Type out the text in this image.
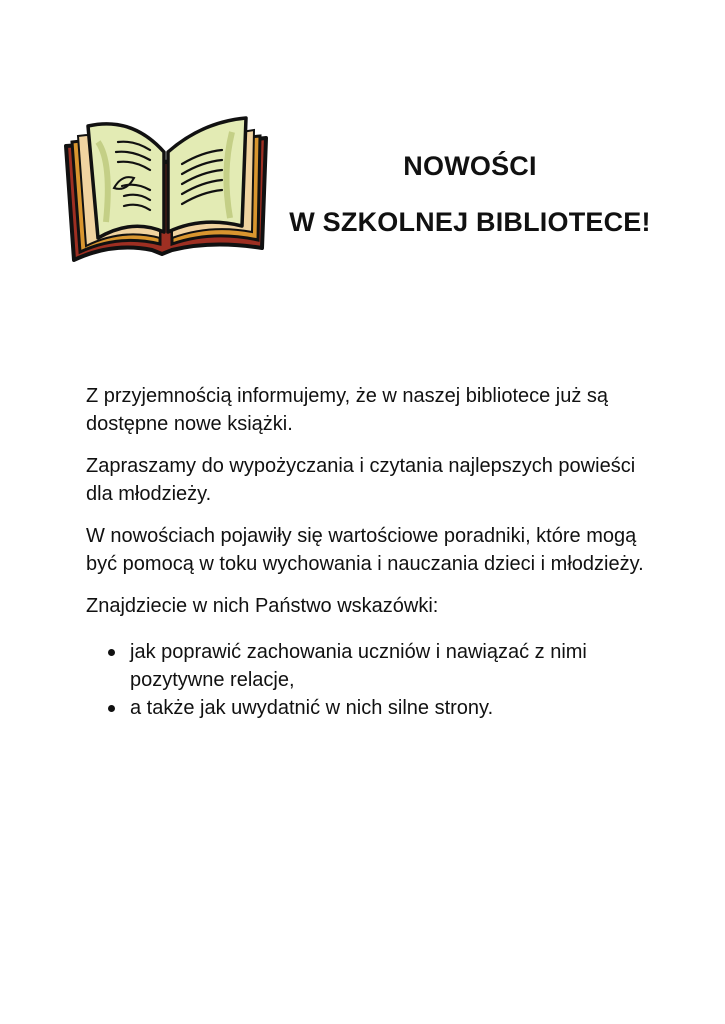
NOWOŚCI
W SZKOLNEJ BIBLIOTECE!

Z przyjemnością informujemy, że w naszej bibliotece już są dostępne nowe książki.

Zapraszamy do wypożyczania i czytania najlepszych powieści dla młodzieży.

W nowościach pojawiły się wartościowe poradniki, które mogą być pomocą w toku wychowania i nauczania dzieci i młodzieży.

Znajdziecie w nich Państwo wskazówki:

jak poprawić zachowania uczniów i nawiązać z nimi pozytywne relacje,
a także jak uwydatnić w nich silne strony.
